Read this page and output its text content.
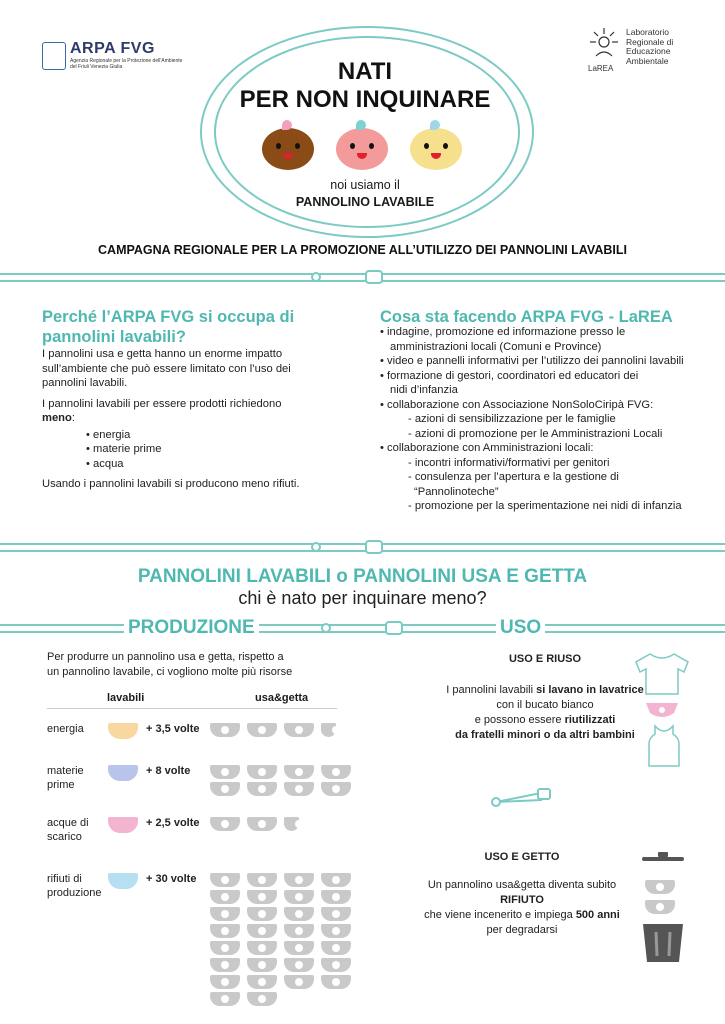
ARPA FVG
Agenzia Regionale per la Protezione dell'Ambiente del Friuli Venezia Giulia
Laboratorio
Regionale di
Educazione
Ambientale
LaREA
NATI
PER NON INQUINARE
noi usiamo il
PANNOLINO LAVABILE
CAMPAGNA REGIONALE PER LA PROMOZIONE ALL’UTILIZZO DEI PANNOLINI LAVABILI
Perché l’ARPA FVG si occupa di
pannolini lavabili?

I pannolini usa e getta hanno un enorme impatto sull’ambiente che può essere limitato con l’uso dei pannolini lavabili.

I pannolini lavabili per essere prodotti richiedono
meno:

• energia
• materie prime
• acqua

Usando i pannolini lavabili si producono meno rifiuti.

Cosa sta facendo ARPA FVG - LaREA
• indagine, promozione ed informazione presso le
amministrazioni locali (Comuni e Province)
• video e pannelli informativi per l’utilizzo dei pannolini lavabili
• formazione di gestori, coordinatori ed educatori dei
nidi d’infanzia
• collaborazione con Associazione NonSoloCiripà FVG:
- azioni di sensibilizzazione per le famiglie
- azioni di promozione per le Amministrazioni Locali
• collaborazione con Amministrazioni locali:
- incontri informativi/formativi per genitori
- consulenza per l’apertura e la gestione di
“Pannolinoteche”
- promozione per la sperimentazione nei nidi di infanzia
PANNOLINI LAVABILI o PANNOLINI USA E GETTA
chi è nato per inquinare meno?
PRODUZIONE	USO
Per produrre un pannolino usa e getta, rispetto a
un pannolino lavabile, ci vogliono molte più risorse
lavabili	usa&getta
energia	+ 3,5 volte
materie
prime
+ 8 volte
acque di
scarico
+ 2,5 volte
rifiuti di
produzione
+ 30 volte
USO E RIUSO
I pannolini lavabili si lavano in lavatrice
con il bucato bianco
e possono essere riutilizzati
da fratelli minori o da altri bambini
USO E GETTO
Un pannolino usa&getta diventa subito
RIFIUTO
che viene incenerito e impiega 500 anni
per degradarsi
